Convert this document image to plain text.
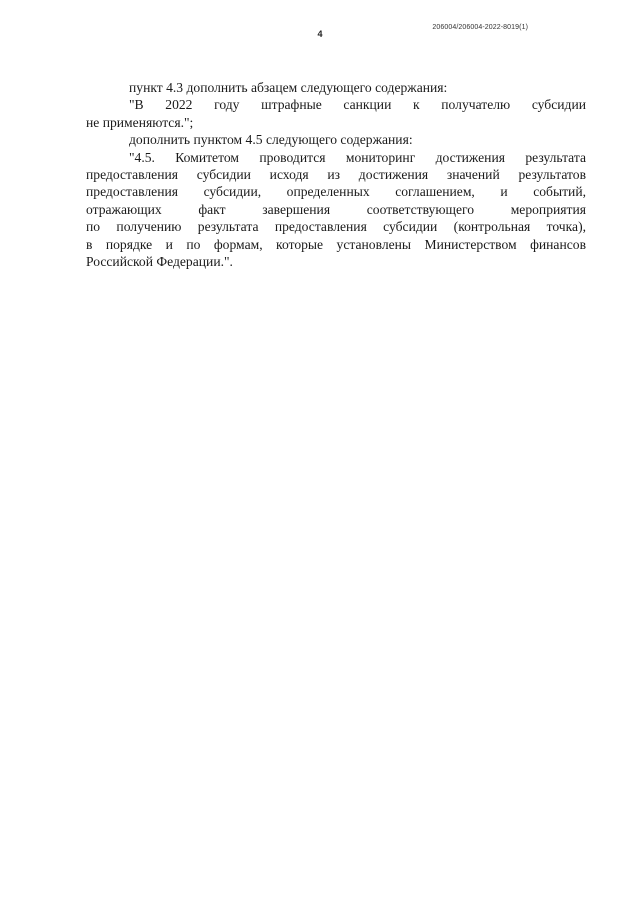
4
206004/206004-2022-8019(1)

пункт 4.3 дополнить абзацем следующего содержания:

"В 2022 году штрафные санкции к получателю субсидии
не применяются.";

дополнить пунктом 4.5 следующего содержания:

"4.5. Комитетом проводится мониторинг достижения результата
предоставления субсидии исходя из достижения значений результатов
предоставления субсидии, определенных соглашением, и событий,
отражающих факт завершения соответствующего мероприятия
по получению результата предоставления субсидии (контрольная точка),
в порядке и по формам, которые установлены Министерством финансов
Российской Федерации.".
